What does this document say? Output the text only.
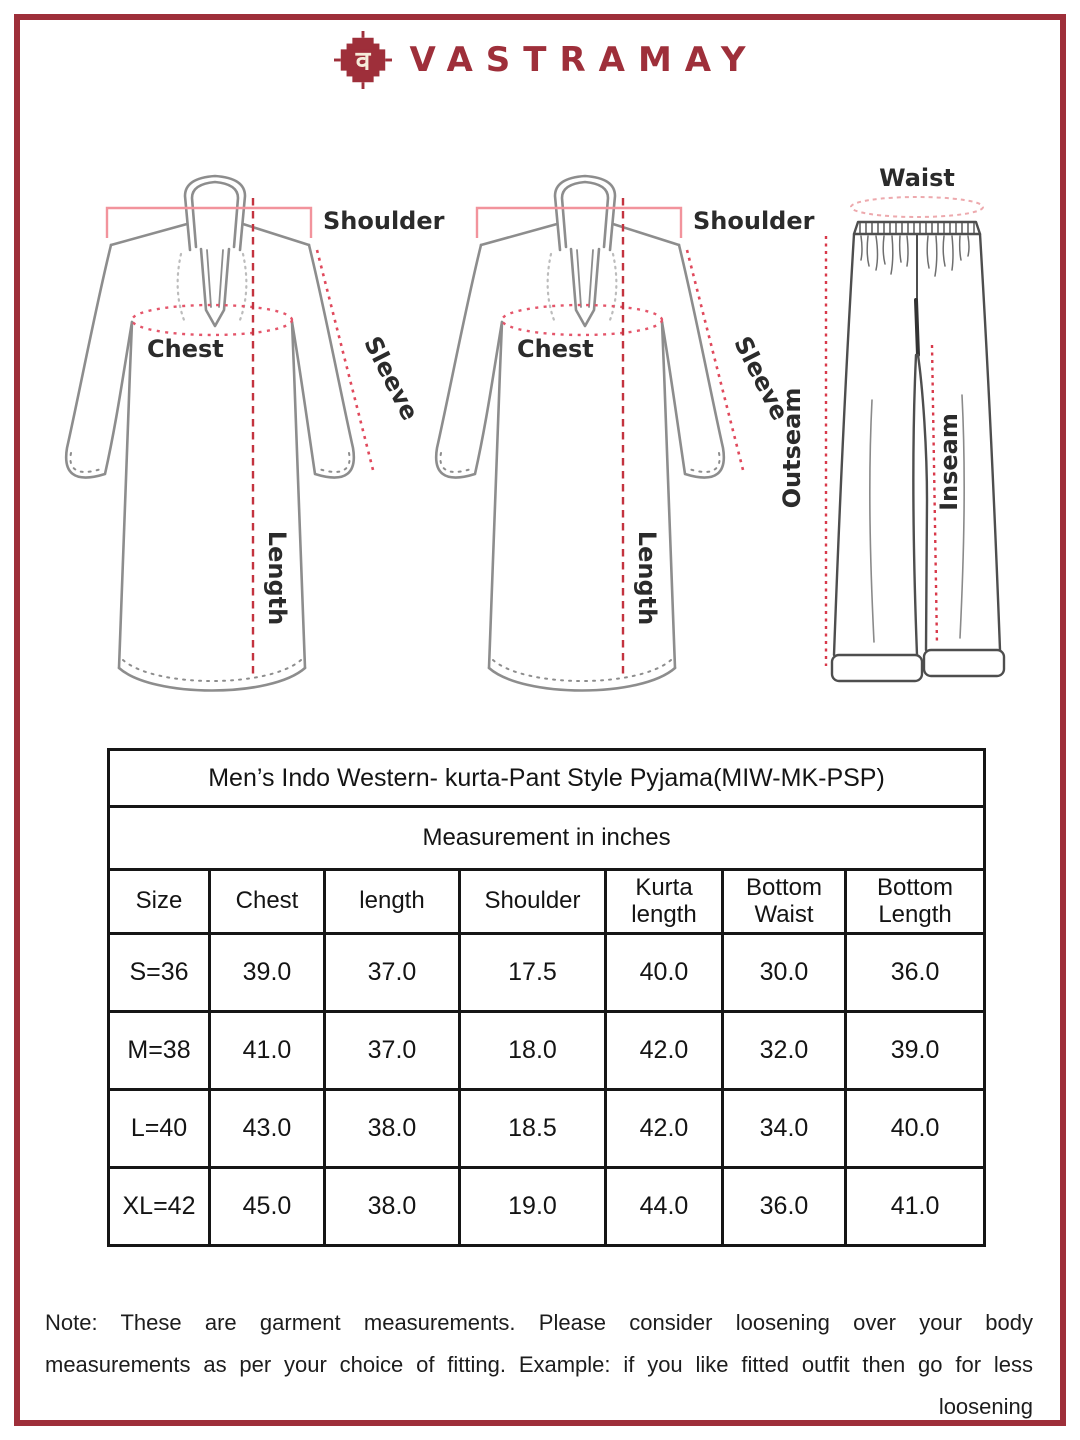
व VASTRAMAY
Shoulder
Chest	Sleeve
Length
Shoulder
Chest	Sleeve
Length
Waist
Outseam	Inseam
Men’s Indo Western- kurta-Pant Style Pyjama(MIW-MK-PSP)						
Measurement in inches						
Size	Chest	length	Shoulder	Kurta length	Bottom Waist	Bottom Length
S=36	39.0	37.0	17.5	40.0	30.0	36.0
M=38	41.0	37.0	18.0	42.0	32.0	39.0
L=40	43.0	38.0	18.5	42.0	34.0	40.0
XL=42	45.0	38.0	19.0	44.0	36.0	41.0

Note: These are garment measurements. Please consider loosening over your body measurements as per your choice of fitting. Example: if you like fitted outfit then go for less loosening
